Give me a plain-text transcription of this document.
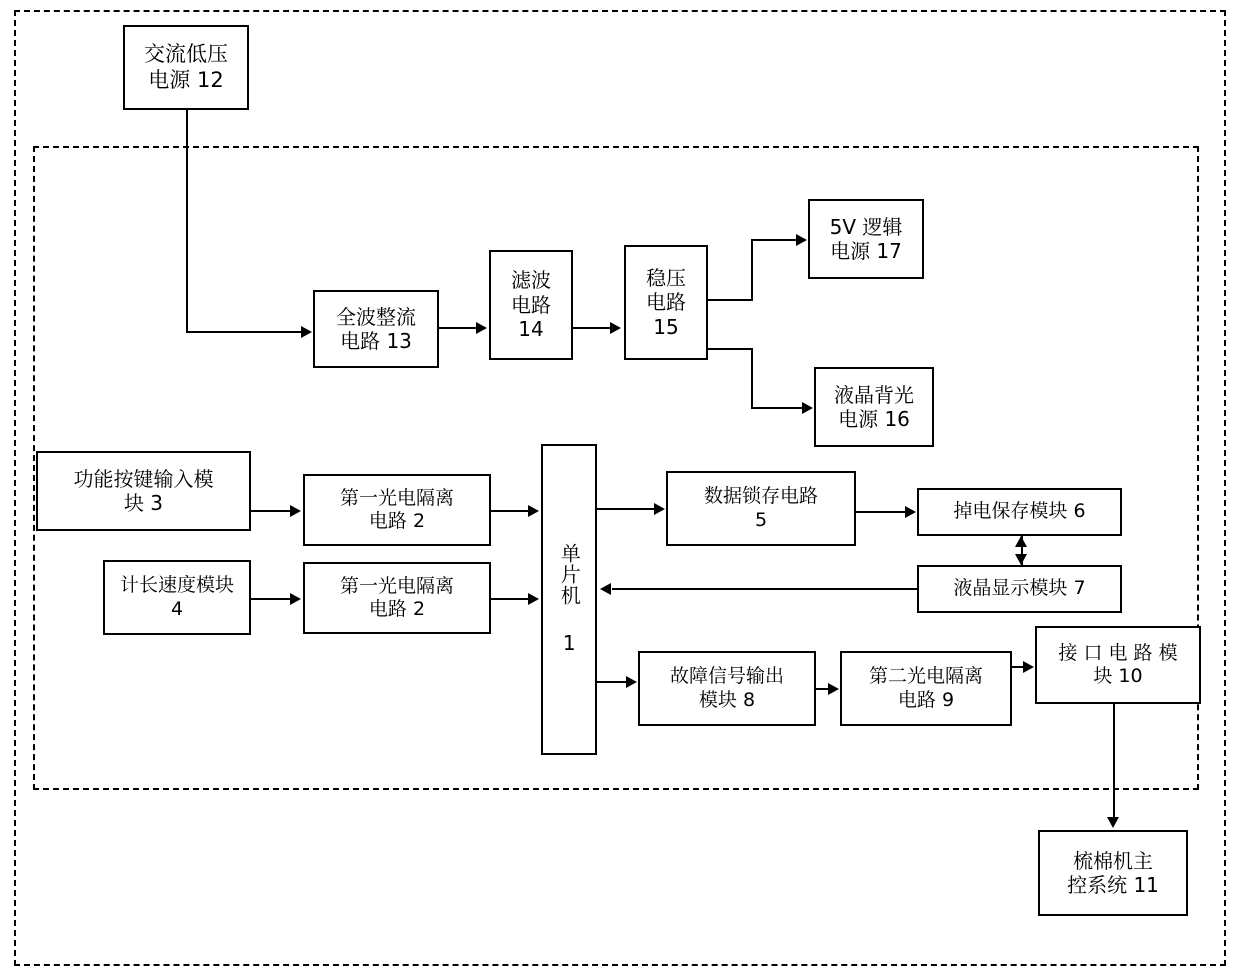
交流低压
电源 12
全波整流
电路 13
滤波
电路
14
稳压
电路
15
5V 逻辑
电源 17
液晶背光
电源 16
功能按键输入模
块 3	第一光电隔离
电路 2
计长速度模块
4
第一光电隔离
电路 2	单片机 1
数据锁存电路
5	掉电保存模块 6
液晶显示模块 7
故障信号输出
模块 8
第二光电隔离
电路 9
接 口 电 路 模
块 10
梳棉机主
控系统 11
